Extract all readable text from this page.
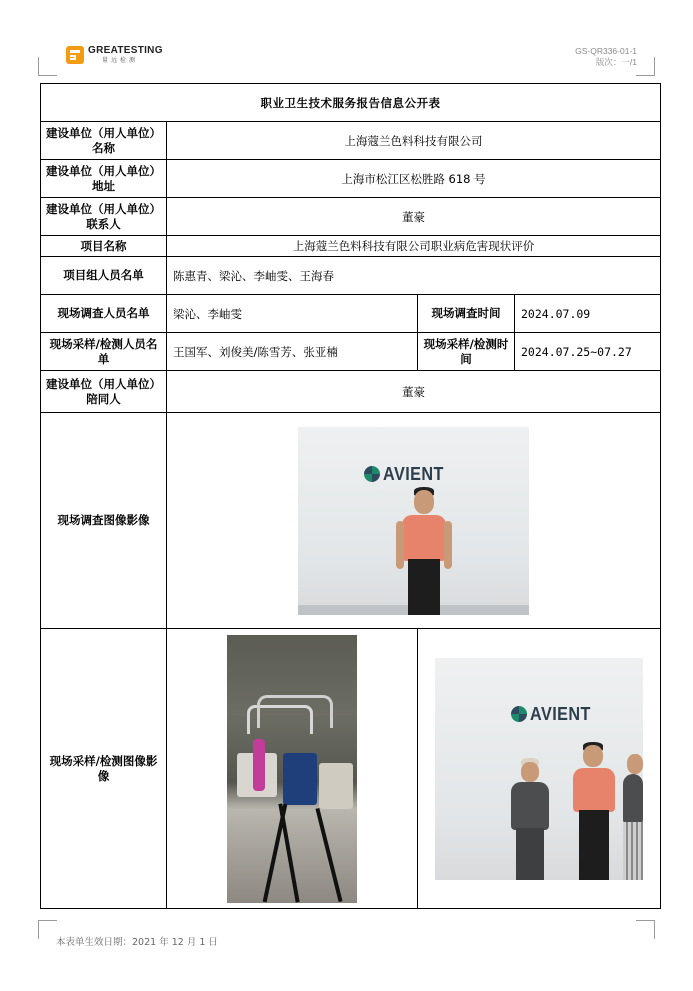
GREATESTING
量远检测
GS-QR336-01-1
版次：一/1
职业卫生技术服务报告信息公开表			
建设单位（用人单位）名称	上海蔻兰色料科技有限公司		
建设单位（用人单位）地址	上海市松江区松胜路 618 号		
建设单位（用人单位）联系人	董豪		
项目名称	上海蔻兰色料科技有限公司职业病危害现状评价		
项目组人员名单	陈惠青、梁沁、李岫雯、王海春		
现场调查人员名单	梁沁、李岫雯	现场调查时间	2024.07.09
现场采样/检测人员名单	王国军、刘俊美/陈雪芳、张亚楠	现场采样/检测时间	2024.07.25~07.27
建设单位（用人单位）陪同人	董豪		
现场调查图像影像	AVIENT		

现场采样/检测图像影像		AVIENT	
本表单生效日期：2021 年 12 月 1 日
